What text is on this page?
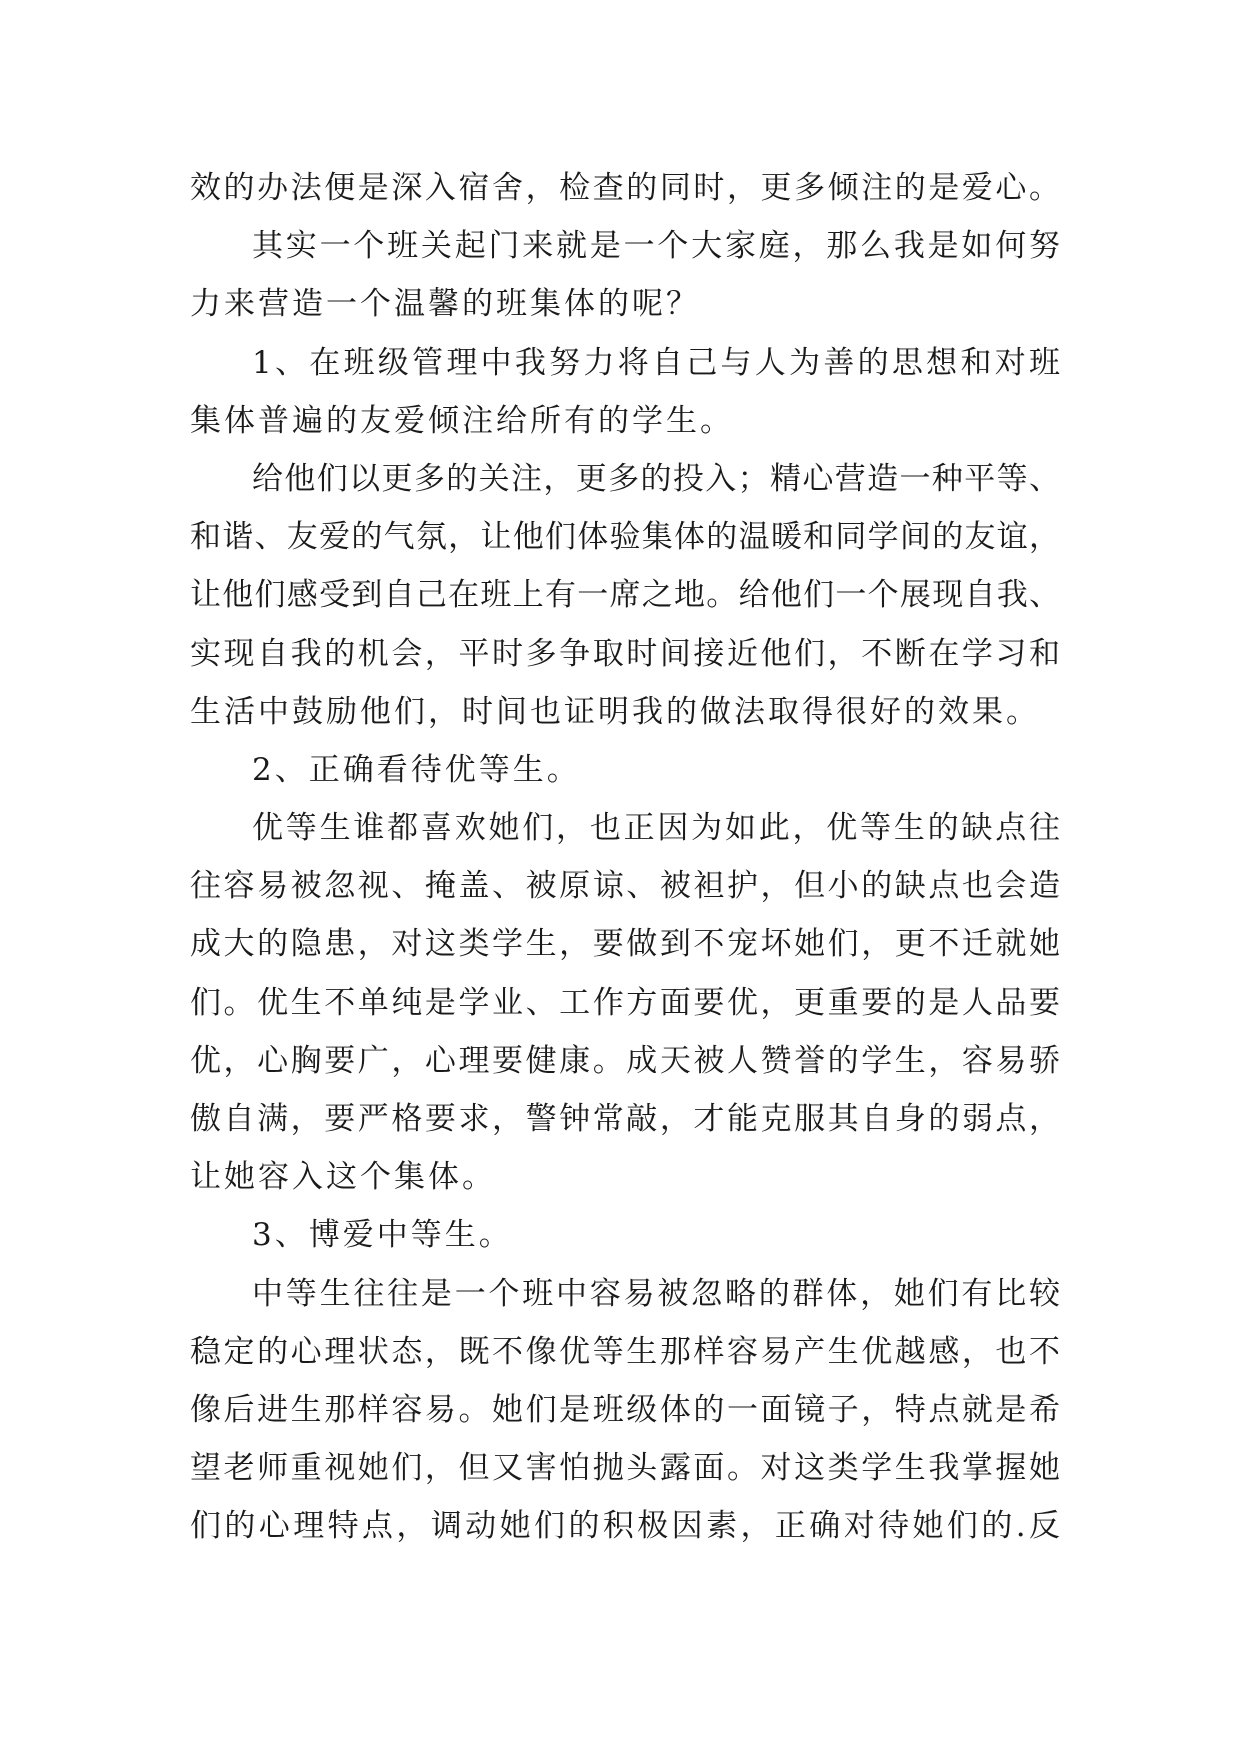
效的办法便是深入宿舍，检查的同时，更多倾注的是爱心。
其实一个班关起门来就是一个大家庭，那么我是如何努
力来营造一个温馨的班集体的呢？
1、在班级管理中我努力将自己与人为善的思想和对班
集体普遍的友爱倾注给所有的学生。
给他们以更多的关注，更多的投入；精心营造一种平等、
和谐、友爱的气氛，让他们体验集体的温暖和同学间的友谊，
让他们感受到自己在班上有一席之地。给他们一个展现自我、
实现自我的机会，平时多争取时间接近他们，不断在学习和
生活中鼓励他们，时间也证明我的做法取得很好的效果。
2、正确看待优等生。
优等生谁都喜欢她们，也正因为如此，优等生的缺点往
往容易被忽视、掩盖、被原谅、被袒护，但小的缺点也会造
成大的隐患，对这类学生，要做到不宠坏她们，更不迁就她
们。优生不单纯是学业、工作方面要优，更重要的是人品要
优，心胸要广，心理要健康。成天被人赞誉的学生，容易骄
傲自满，要严格要求，警钟常敲，才能克服其自身的弱点，
让她容入这个集体。
3、博爱中等生。
中等生往往是一个班中容易被忽略的群体，她们有比较
稳定的心理状态，既不像优等生那样容易产生优越感，也不
像后进生那样容易。她们是班级体的一面镜子，特点就是希
望老师重视她们，但又害怕抛头露面。对这类学生我掌握她
们的心理特点，调动她们的积极因素，正确对待她们的.反
